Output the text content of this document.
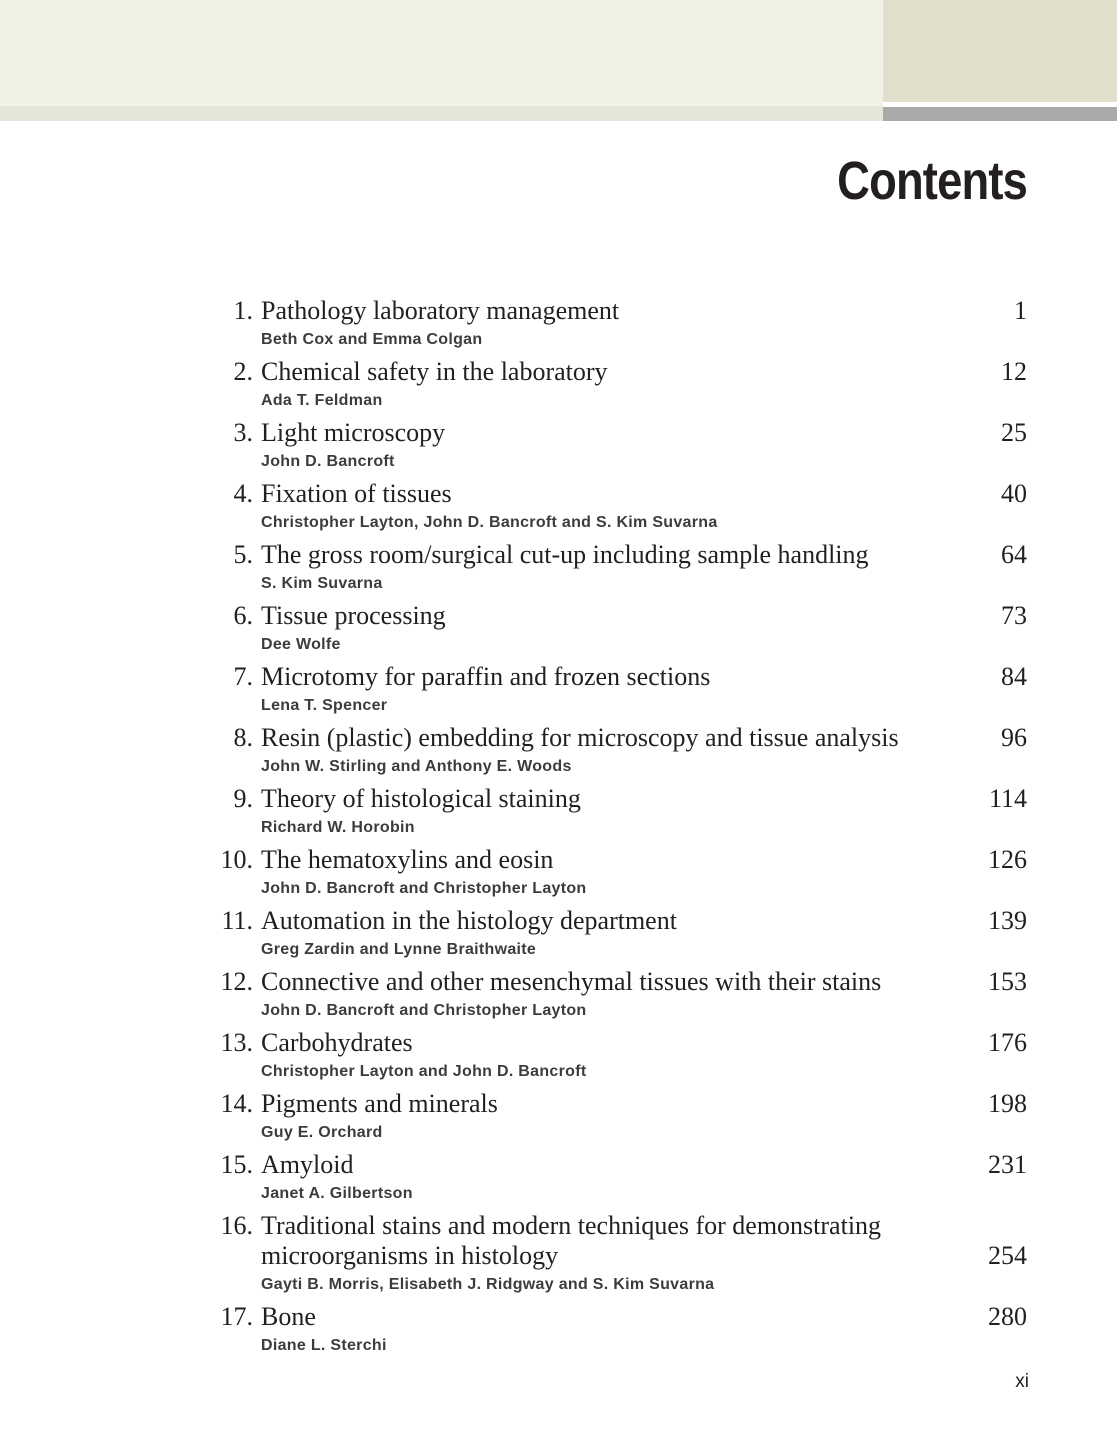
Contents
1. Pathology laboratory management	1
Beth Cox and Emma Colgan
2. Chemical safety in the laboratory	12
Ada T. Feldman
3. Light microscopy	25
John D. Bancroft
4. Fixation of tissues	40
Christopher Layton, John D. Bancroft and S. Kim Suvarna
5. The gross room/surgical cut-up including sample handling	64
S. Kim Suvarna
6. Tissue processing	73
Dee Wolfe
7. Microtomy for paraffin and frozen sections	84
Lena T. Spencer
8. Resin (plastic) embedding for microscopy and tissue analysis	96
John W. Stirling and Anthony E. Woods
9. Theory of histological staining	114
Richard W. Horobin
10. The hematoxylins and eosin	126
John D. Bancroft and Christopher Layton
11. Automation in the histology department	139
Greg Zardin and Lynne Braithwaite
12. Connective and other mesenchymal tissues with their stains	153
John D. Bancroft and Christopher Layton
13. Carbohydrates	176
Christopher Layton and John D. Bancroft
14. Pigments and minerals	198
Guy E. Orchard
15. Amyloid	231
Janet A. Gilbertson
16. Traditional stains and modern techniques for demonstrating microorganisms in histology	254
Gayti B. Morris, Elisabeth J. Ridgway and S. Kim Suvarna
17. Bone	280
Diane L. Sterchi
xi
